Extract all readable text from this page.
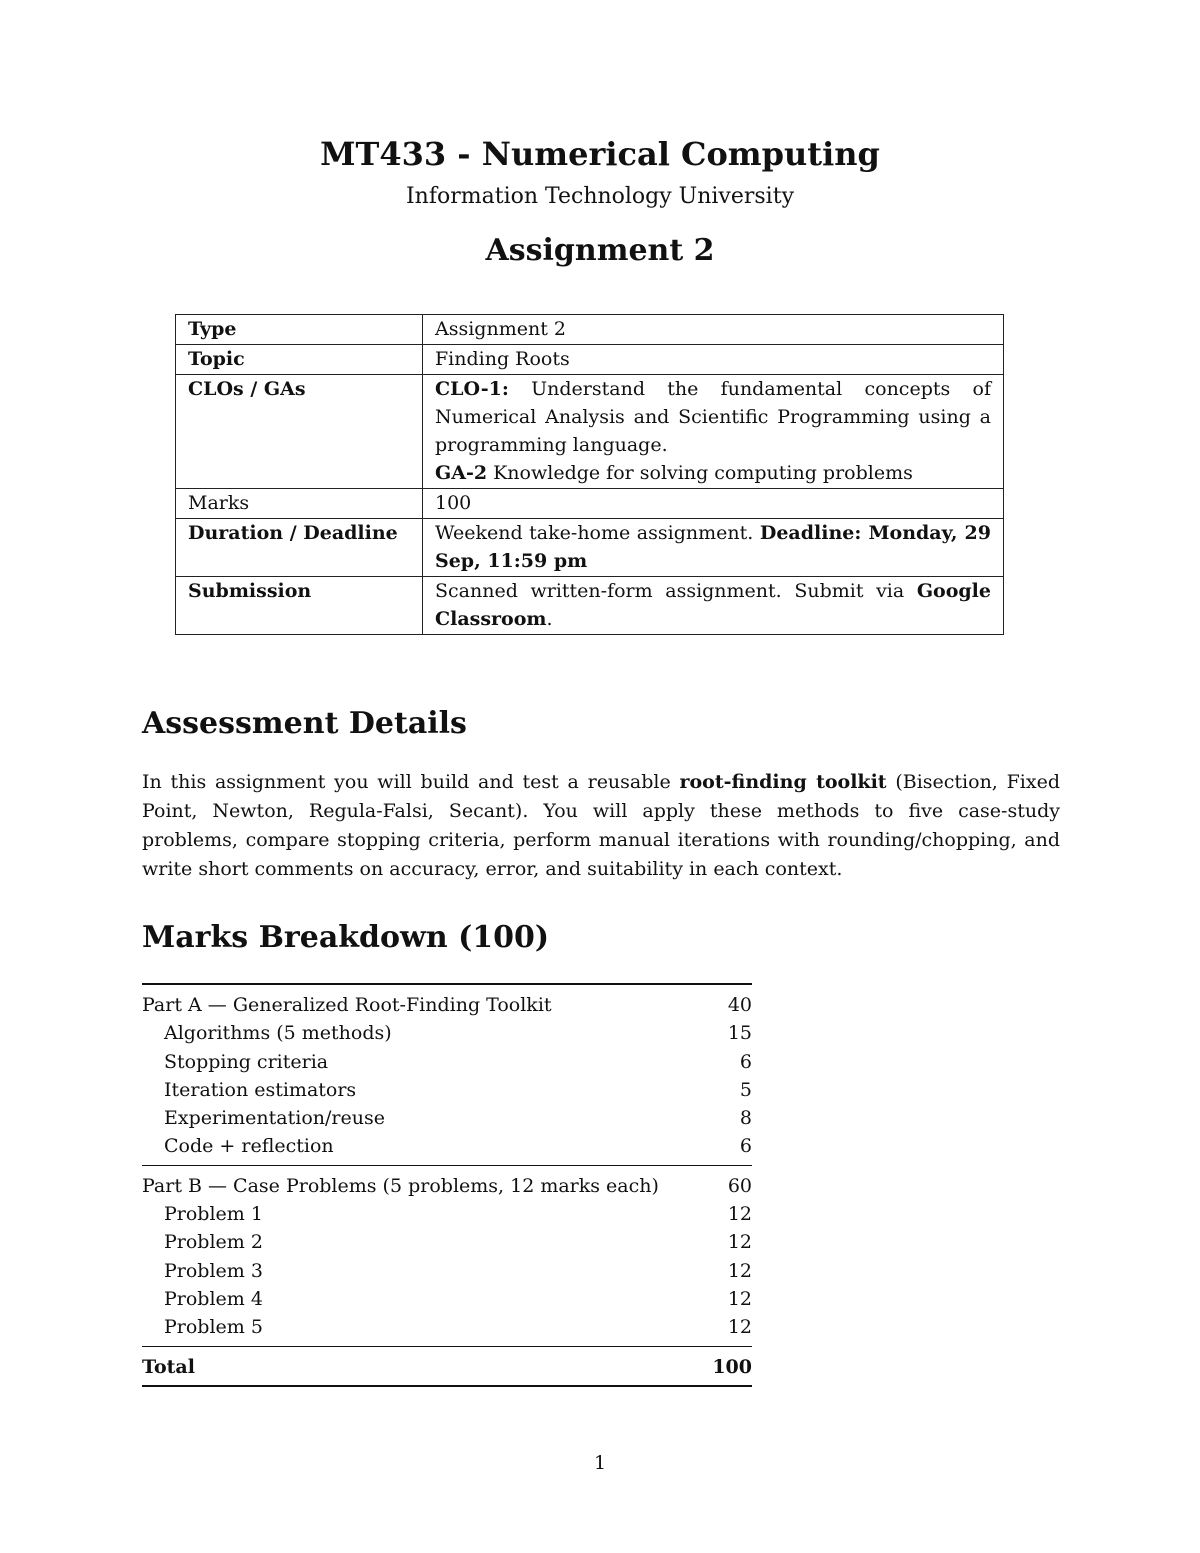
MT433 - Numerical Computing
Information Technology University
Assignment 2
Type	Assignment 2
Topic	Finding Roots
CLOs / GAs	CLO-1: Understand the fundamental concepts of Numerical Analysis and Scientific Programming using a programming language.
GA-2 Knowledge for solving computing problems
Marks	100
Duration / Deadline	Weekend take-home assignment. Deadline: Monday, 29 Sep, 11:59 pm
Submission	Scanned written-form assignment. Submit via Google Classroom.
Assessment Details
In this assignment you will build and test a reusable root-finding toolkit (Bisection, Fixed Point, Newton, Regula-Falsi, Secant). You will apply these methods to five case-study problems, compare stopping criteria, perform manual iterations with rounding/chopping, and write short comments on accuracy, error, and suitability in each context.
Marks Breakdown (100)
Part A — Generalized Root-Finding Toolkit	40
Algorithms (5 methods)	15
Stopping criteria	6
Iteration estimators	5
Experimentation/reuse	8
Code + reflection	6
Part B — Case Problems (5 problems, 12 marks each)	60
Problem 1	12
Problem 2	12
Problem 3	12
Problem 4	12
Problem 5	12
Total	100
1
